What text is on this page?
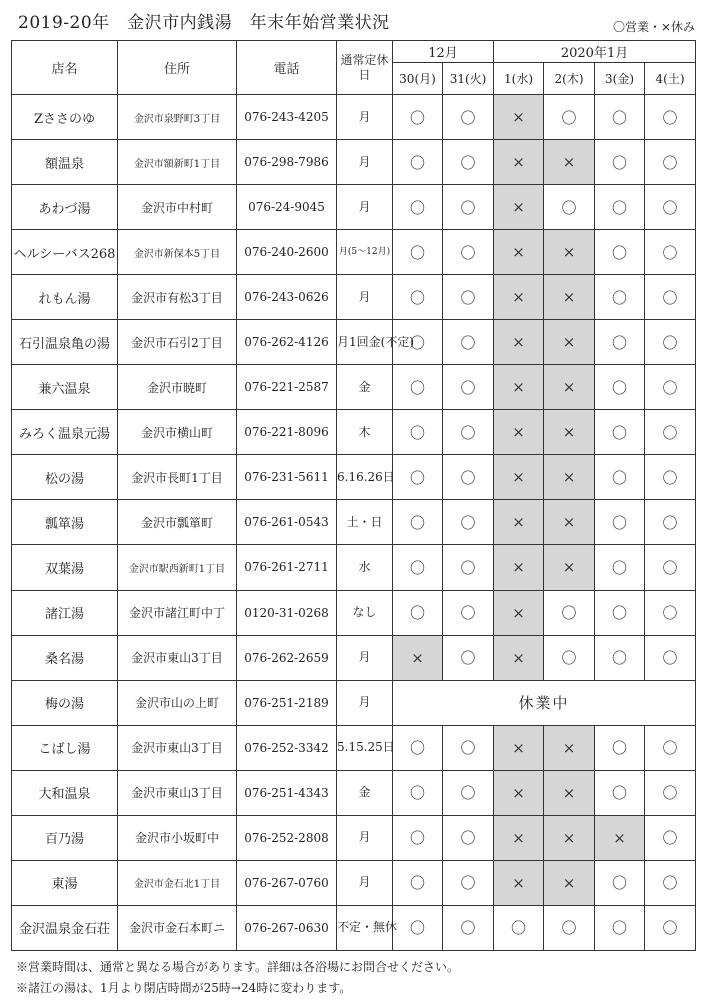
2019-20年　金沢市内銭湯　年末年始営業状況	〇営業・×休み
店名	住所	電話	通常定休日	12月		2020年1月			
				30(月)	31(火)	1(水)	2(木)	3(金)	4(土)
Zささのゆ	金沢市泉野町3丁目	076-243-4205	月	〇	〇	×	〇	〇	〇
額温泉	金沢市額新町1丁目	076-298-7986	月	〇	〇	×	×	〇	〇
あわづ湯	金沢市中村町	076-24-9045	月	〇	〇	×	〇	〇	〇
ヘルシーバス268	金沢市新保本5丁目	076-240-2600	月(5〜12月)	〇	〇	×	×	〇	〇
れもん湯	金沢市有松3丁目	076-243-0626	月	〇	〇	×	×	〇	〇
石引温泉亀の湯	金沢市石引2丁目	076-262-4126	月1回金(不定)	〇	〇	×	×	〇	〇
兼六温泉	金沢市暁町	076-221-2587	金	〇	〇	×	×	〇	〇
みろく温泉元湯	金沢市横山町	076-221-8096	木	〇	〇	×	×	〇	〇
松の湯	金沢市長町1丁目	076-231-5611	6.16.26日	〇	〇	×	×	〇	〇
瓢箪湯	金沢市瓢箪町	076-261-0543	土・日	〇	〇	×	×	〇	〇
双葉湯	金沢市駅西新町1丁目	076-261-2711	水	〇	〇	×	×	〇	〇
諸江湯	金沢市諸江町中丁	0120-31-0268	なし	〇	〇	×	〇	〇	〇
桑名湯	金沢市東山3丁目	076-262-2659	月	×	〇	×	〇	〇	〇
梅の湯	金沢市山の上町	076-251-2189	月	休業中					
こばし湯	金沢市東山3丁目	076-252-3342	5.15.25日	〇	〇	×	×	〇	〇
大和温泉	金沢市東山3丁目	076-251-4343	金	〇	〇	×	×	〇	〇
百乃湯	金沢市小坂町中	076-252-2808	月	〇	〇	×	×	×	〇
東湯	金沢市金石北1丁目	076-267-0760	月	〇	〇	×	×	〇	〇
金沢温泉金石荘	金沢市金石本町ニ	076-267-0630	不定・無休	〇	〇	〇	〇	〇	〇
※営業時間は、通常と異なる場合があります。詳細は各浴場にお問合せください。
※諸江の湯は、1月より閉店時間が25時→24時に変わります。
